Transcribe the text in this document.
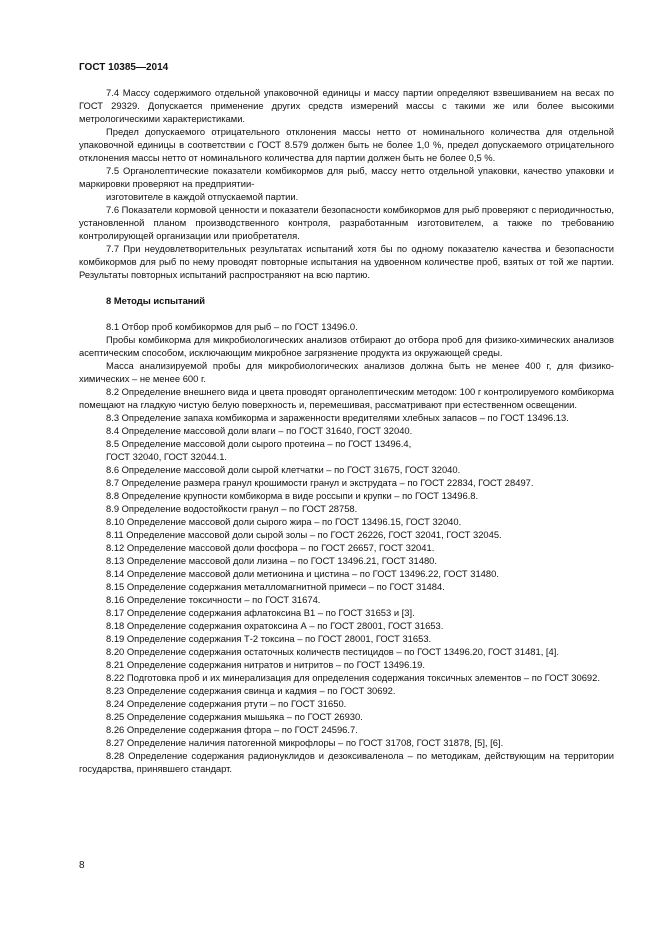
ГОСТ 10385—2014

7.4 Массу содержимого отдельной упаковочной единицы и массу партии определяют взвешиванием на весах по ГОСТ 29329. Допускается применение других средств измерений массы с такими же или более высокими метрологическими характеристиками.

Предел допускаемого отрицательного отклонения массы нетто от номинального количества для отдельной упаковочной единицы в соответствии с ГОСТ 8.579 должен быть не более 1,0 %, предел допускаемого отрицательного отклонения массы нетто от номинального количества для партии должен быть не более 0,5 %.

7.5 Органолептические показатели комбикормов для рыб, массу нетто отдельной упаковки, качество упаковки и маркировки проверяют на предприятии-

изготовителе в каждой отпускаемой партии.

7.6 Показатели кормовой ценности и показатели безопасности комбикормов для рыб проверяют с периодичностью, установленной планом производственного контроля, разработанным изготовителем, а также по требованию контролирующей организации или приобретателя.

7.7 При неудовлетворительных результатах испытаний хотя бы по одному показателю качества и безопасности комбикормов для рыб по нему проводят повторные испытания на удвоенном количестве проб, взятых от той же партии. Результаты повторных испытаний распространяют на всю партию.

8 Методы испытаний

8.1 Отбор проб комбикормов для рыб – по ГОСТ 13496.0.

Пробы комбикорма для микробиологических анализов отбирают до отбора проб для физико-химических анализов асептическим способом, исключающим микробное загрязнение продукта из окружающей среды.

Масса анализируемой пробы для микробиологических анализов должна быть не менее 400 г, для физико-химических – не менее 600 г.

8.2 Определение внешнего вида и цвета проводят органолептическим методом: 100 г контролируемого комбикорма помещают на гладкую чистую белую поверхность и, перемешивая, рассматривают при естественном освещении.

8.3 Определение запаха комбикорма и зараженности вредителями хлебных запасов – по ГОСТ 13496.13.

8.4 Определение массовой доли влаги – по ГОСТ 31640, ГОСТ 32040.

8.5 Определение массовой доли сырого протеина – по ГОСТ 13496.4,

ГОСТ 32040, ГОСТ 32044.1.

8.6 Определение массовой доли сырой клетчатки – по ГОСТ 31675, ГОСТ 32040.

8.7 Определение размера гранул крошимости гранул и экструдата – по ГОСТ 22834, ГОСТ 28497.

8.8 Определение крупности комбикорма в виде россыпи и крупки – по ГОСТ 13496.8.

8.9 Определение водостойкости гранул – по ГОСТ 28758.

8.10 Определение массовой доли сырого жира – по ГОСТ 13496.15, ГОСТ 32040.

8.11 Определение массовой доли сырой золы – по ГОСТ 26226, ГОСТ 32041, ГОСТ 32045.

8.12 Определение массовой доли фосфора – по ГОСТ 26657, ГОСТ 32041.

8.13 Определение массовой доли лизина – по ГОСТ 13496.21, ГОСТ 31480.

8.14 Определение массовой доли метионина и цистина – по ГОСТ 13496.22, ГОСТ 31480.

8.15 Определение содержания металломагнитной примеси – по ГОСТ 31484.

8.16 Определение токсичности – по ГОСТ 31674.

8.17 Определение содержания афлатоксина В1 – по ГОСТ 31653 и [3].

8.18 Определение содержания охратоксина А – по ГОСТ 28001, ГОСТ 31653.

8.19 Определение содержания Т-2 токсина – по ГОСТ 28001, ГОСТ 31653.

8.20 Определение содержания остаточных количеств пестицидов – по ГОСТ 13496.20, ГОСТ 31481, [4].

8.21 Определение содержания нитратов и нитритов – по ГОСТ 13496.19.

8.22 Подготовка проб и их минерализация для определения содержания токсичных элементов – по ГОСТ 30692.

8.23 Определение содержания свинца и кадмия – по ГОСТ 30692.

8.24 Определение содержания ртути – по ГОСТ 31650.

8.25 Определение содержания мышьяка – по ГОСТ 26930.

8.26 Определение содержания фтора – по ГОСТ 24596.7.

8.27 Определение наличия патогенной микрофлоры – по ГОСТ 31708, ГОСТ 31878, [5], [6].

8.28 Определение содержания радионуклидов и дезоксиваленола – по методикам, действующим на территории государства, принявшего стандарт.

8
